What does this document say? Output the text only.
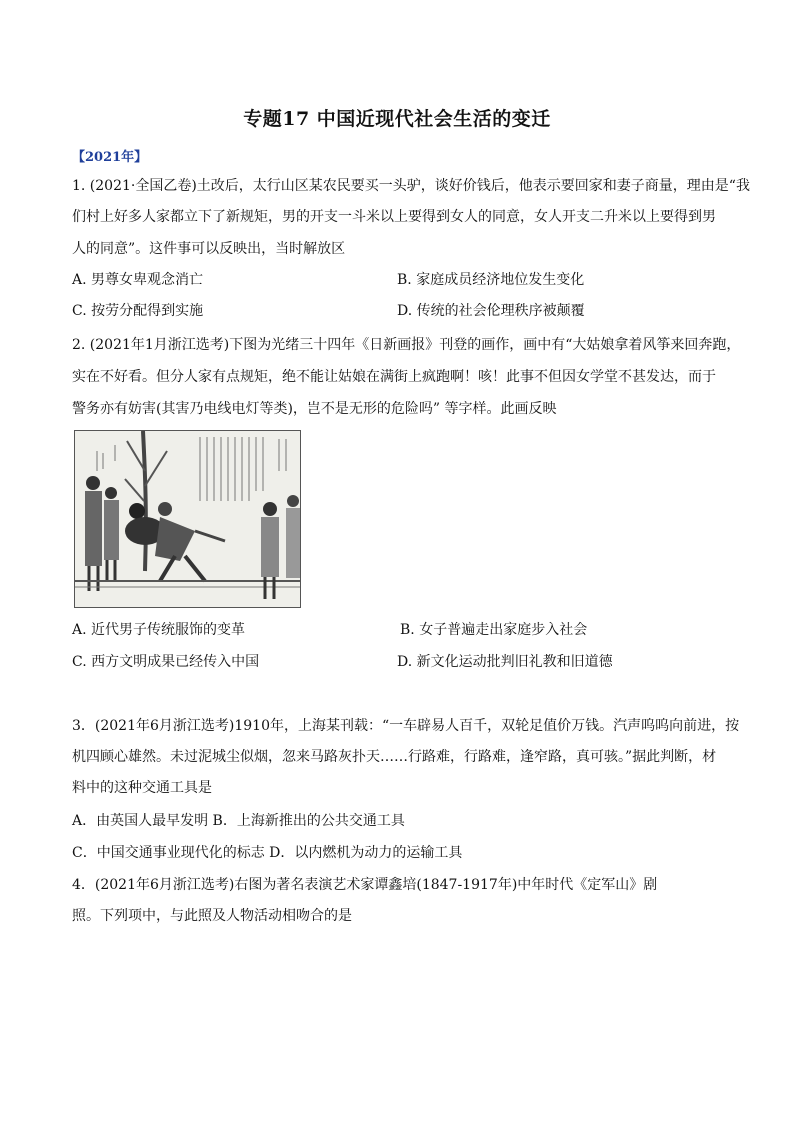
专题17 中国近现代社会生活的变迁
【2021年】
1. (2021·全国乙卷)土改后，太行山区某农民要买一头驴，谈好价钱后，他表示要回家和妻子商量，理由是“我
们村上好多人家都立下了新规矩，男的开支一斗米以上要得到女人的同意，女人开支二升米以上要得到男
人的同意”。这件事可以反映出，当时解放区
A. 男尊女卑观念消亡	B. 家庭成员经济地位发生变化
C. 按劳分配得到实施	D. 传统的社会伦理秩序被颠覆
2. (2021年1月浙江选考)下图为光绪三十四年《日新画报》刊登的画作，画中有“大姑娘拿着风筝来回奔跑，
实在不好看。但分人家有点规矩，绝不能让姑娘在满街上疯跑啊！咳！此事不但因女学堂不甚发达，而于
警务亦有妨害(其害乃电线电灯等类)，岂不是无形的危险吗” 等字样。此画反映
A. 近代男子传统服饰的变革	B. 女子普遍走出家庭步入社会
C. 西方文明成果已经传入中国	D. 新文化运动批判旧礼教和旧道德
3．(2021年6月浙江选考)1910年，上海某刊载：“一车辟易人百千，双轮足值价万钱。汽声呜呜向前进，按
机四顾心雄然。未过泥城尘似烟，忽来马路灰扑天……行路难，行路难，逢窄路，真可骇。”据此判断，材
料中的这种交通工具是
A．由英国人最早发明 B．上海新推出的公共交通工具
C．中国交通事业现代化的标志 D．以内燃机为动力的运输工具
4．(2021年6月浙江选考)右图为著名表演艺术家谭鑫培(1847-1917年)中年时代《定军山》剧
照。下列项中，与此照及人物活动相吻合的是
